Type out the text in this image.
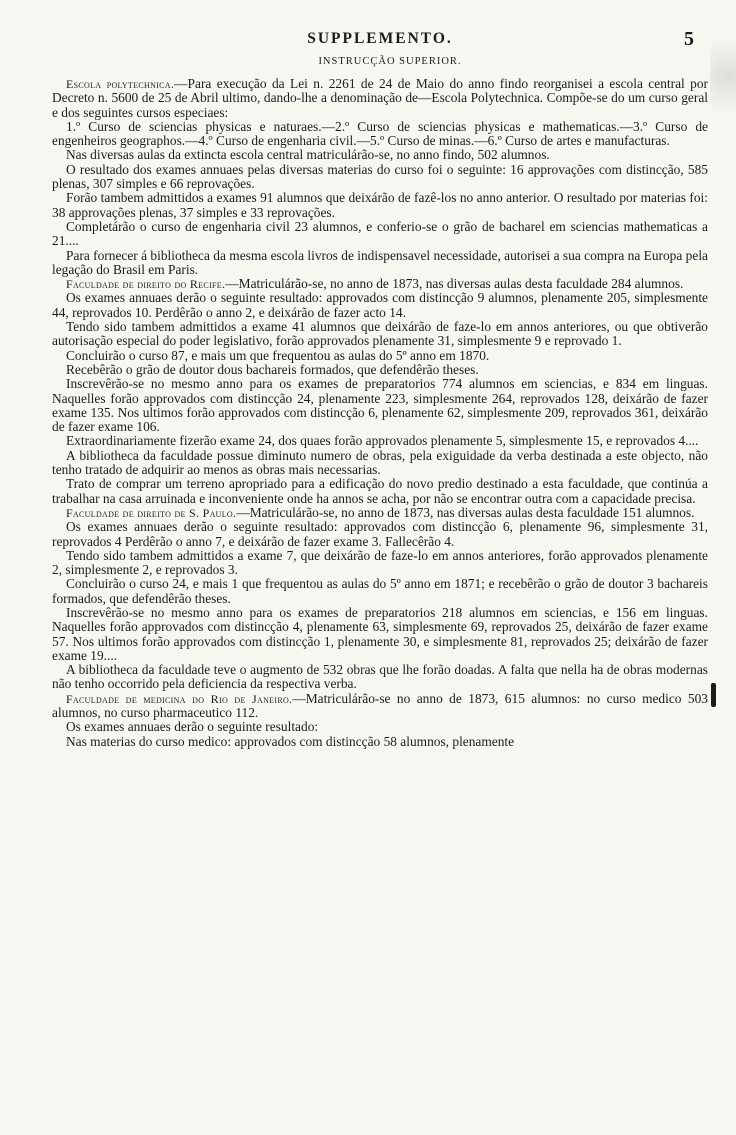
SUPPLEMENTO.	5
INSTRUCÇÃO SUPERIOR.

Escola polytechnica.—Para execução da Lei n. 2261 de 24 de Maio do anno findo reorganisei a escola central por Decreto n. 5600 de 25 de Abril ultimo, dando-lhe a denominação de—Escola Polytechnica. Compõe-se do um curso geral e dos seguintes cursos especiaes:

1.º Curso de sciencias physicas e naturaes.—2.º Curso de sciencias physicas e mathematicas.—3.º Curso de engenheiros geographos.—4.º Curso de engenharia civil.—5.º Curso de minas.—6.º Curso de artes e manufacturas.

Nas diversas aulas da extincta escola central matriculárão-se, no anno findo, 502 alumnos.

O resultado dos exames annuaes pelas diversas materias do curso foi o seguinte: 16 approvações com distincção, 585 plenas, 307 simples e 66 reprovações.

Forão tambem admittidos a exames 91 alumnos que deixárão de fazê-los no anno anterior. O resultado por materias foi: 38 approvações plenas, 37 simples e 33 reprovações.

Completárão o curso de engenharia civil 23 alumnos, e conferio-se o grão de bacharel em sciencias mathematicas a 21....

Para fornecer á bibliotheca da mesma escola livros de indispensavel necessidade, autorisei a sua compra na Europa pela legação do Brasil em Paris.

Faculdade de direito do Recife.—Matriculárão-se, no anno de 1873, nas diversas aulas desta faculdade 284 alumnos.

Os exames annuaes derão o seguinte resultado: approvados com distincção 9 alumnos, plenamente 205, simplesmente 44, reprovados 10. Perdêrão o anno 2, e deixárão de fazer acto 14.

Tendo sido tambem admittidos a exame 41 alumnos que deixárão de faze-lo em annos anteriores, ou que obtiverão autorisação especial do poder legislativo, forão approvados plenamente 31, simplesmente 9 e reprovado 1.

Concluirão o curso 87, e mais um que frequentou as aulas do 5º anno em 1870.

Recebêrão o grão de doutor dous bachareis formados, que defendêrão theses.

Inscrevêrão-se no mesmo anno para os exames de preparatorios 774 alumnos em sciencias, e 834 em linguas. Naquelles forão approvados com distincção 24, plenamente 223, simplesmente 264, reprovados 128, deixárão de fazer exame 135. Nos ultimos forão approvados com distincção 6, plenamente 62, simplesmente 209, reprovados 361, deixárão de fazer exame 106.

Extraordinariamente fizerão exame 24, dos quaes forão approvados plenamente 5, simplesmente 15, e reprovados 4....

A bibliotheca da faculdade possue diminuto numero de obras, pela exiguidade da verba destinada a este objecto, não tenho tratado de adquirir ao menos as obras mais necessarias.

Trato de comprar um terreno apropriado para a edificação do novo predio destinado a esta faculdade, que continúa a trabalhar na casa arruinada e inconveniente onde ha annos se acha, por não se encontrar outra com a capacidade precisa.

Faculdade de direito de S. Paulo.—Matriculárão-se, no anno de 1873, nas diversas aulas desta faculdade 151 alumnos.

Os exames annuaes derão o seguinte resultado: approvados com distincção 6, plenamente 96, simplesmente 31, reprovados 4 Perdêrão o anno 7, e deixárão de fazer exame 3. Fallecêrão 4.

Tendo sido tambem admittidos a exame 7, que deixárão de faze-lo em annos anteriores, forão approvados plenamente 2, simplesmente 2, e reprovados 3.

Concluirão o curso 24, e mais 1 que frequentou as aulas do 5º anno em 1871; e recebêrão o grão de doutor 3 bachareis formados, que defendêrão theses.

Inscrevêrão-se no mesmo anno para os exames de preparatorios 218 alumnos em sciencias, e 156 em linguas. Naquelles forão approvados com distincção 4, plenamente 63, simplesmente 69, reprovados 25, deixárão de fazer exame 57. Nos ultimos forão approvados com distincção 1, plenamente 30, e simplesmente 81, reprovados 25; deixárão de fazer exame 19....

A bibliotheca da faculdade teve o augmento de 532 obras que lhe forão doadas. A falta que nella ha de obras modernas não tenho occorrido pela deficiencia da respectiva verba.

Faculdade de medicina do Rio de Janeiro.—Matriculárão-se no anno de 1873, 615 alumnos: no curso medico 503 alumnos, no curso pharmaceutico 112.

Os exames annuaes derão o seguinte resultado:

Nas materias do curso medico: approvados com distincção 58 alumnos, plenamente
